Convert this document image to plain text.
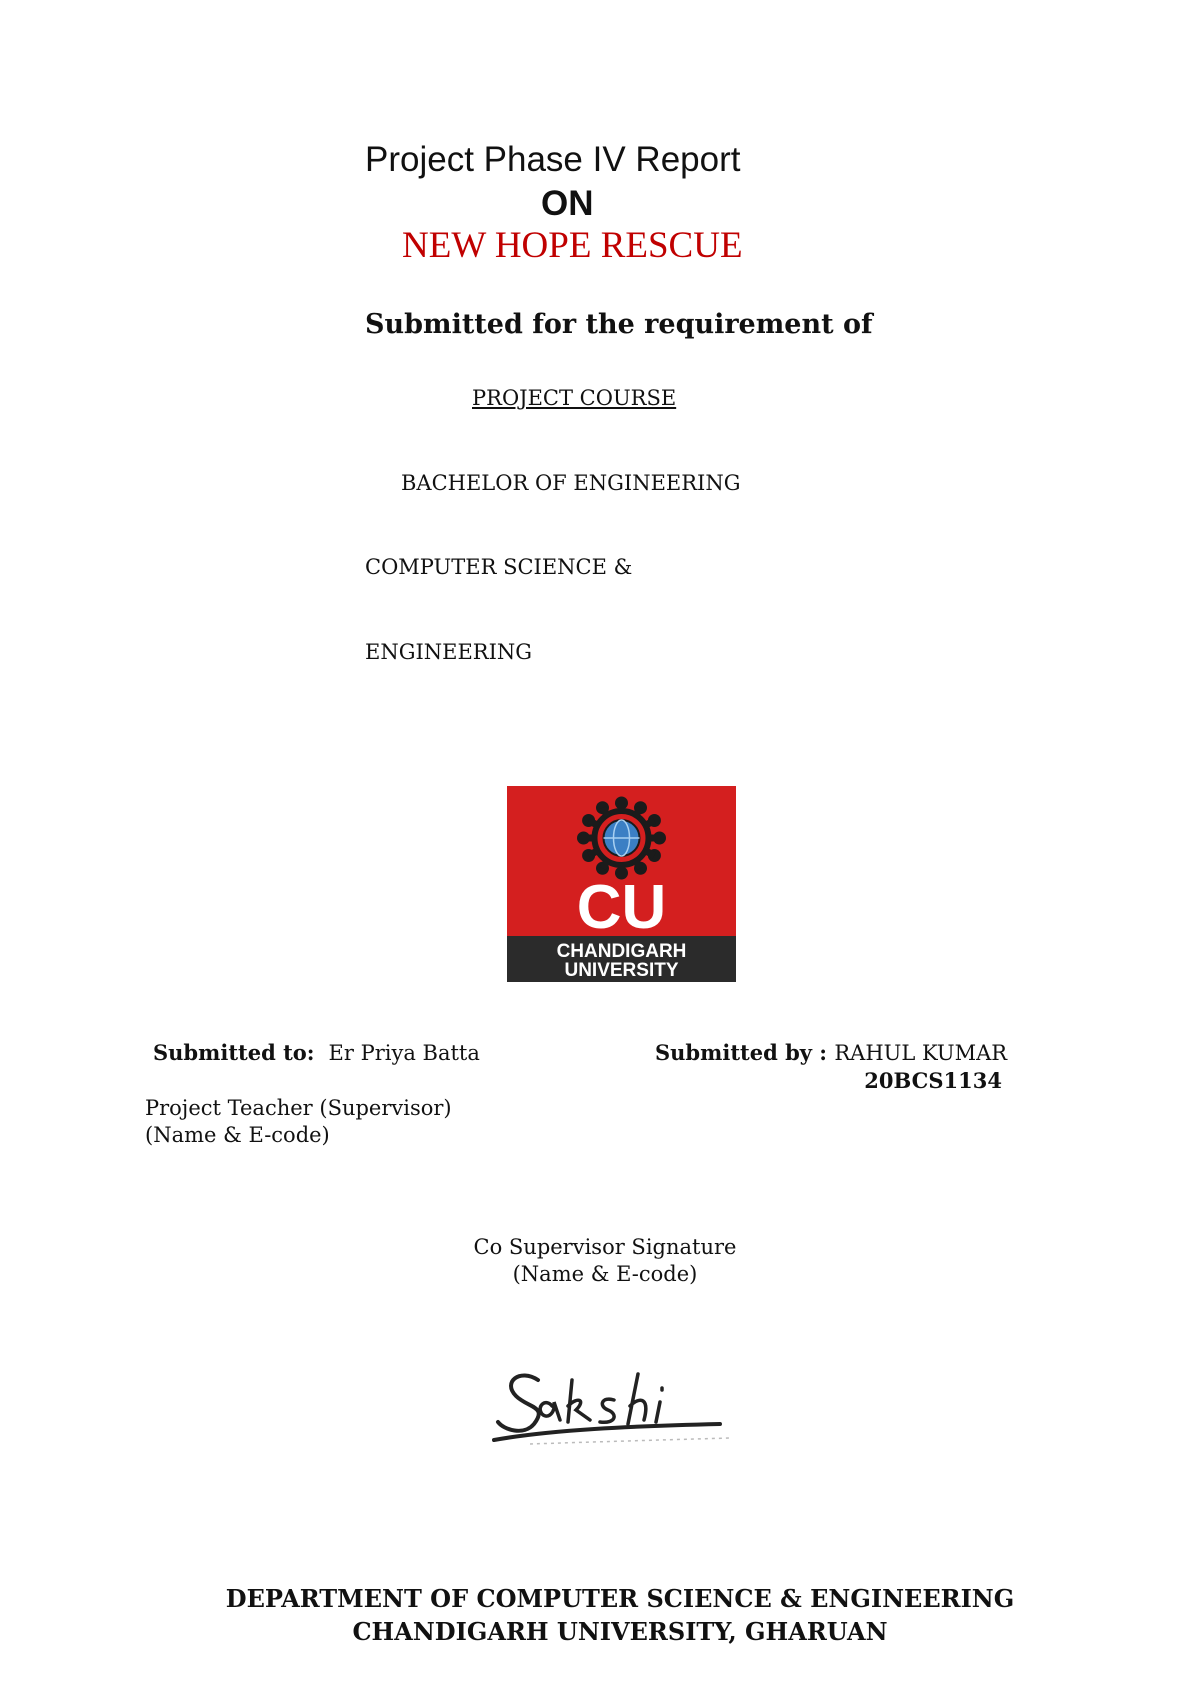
Project Phase IV Report
ON
NEW HOPE RESCUE
Submitted for the requirement of
PROJECT COURSE
BACHELOR OF ENGINEERING
COMPUTER SCIENCE &
ENGINEERING
CU
CHANDIGARH
UNIVERSITY
Submitted to: Er Priya Batta	Submitted by : RAHUL KUMAR
20BCS1134
Project Teacher (Supervisor)
(Name & E-code)
Co Supervisor Signature (Name & E-code)
DEPARTMENT OF COMPUTER SCIENCE & ENGINEERING
CHANDIGARH UNIVERSITY, GHARUAN
